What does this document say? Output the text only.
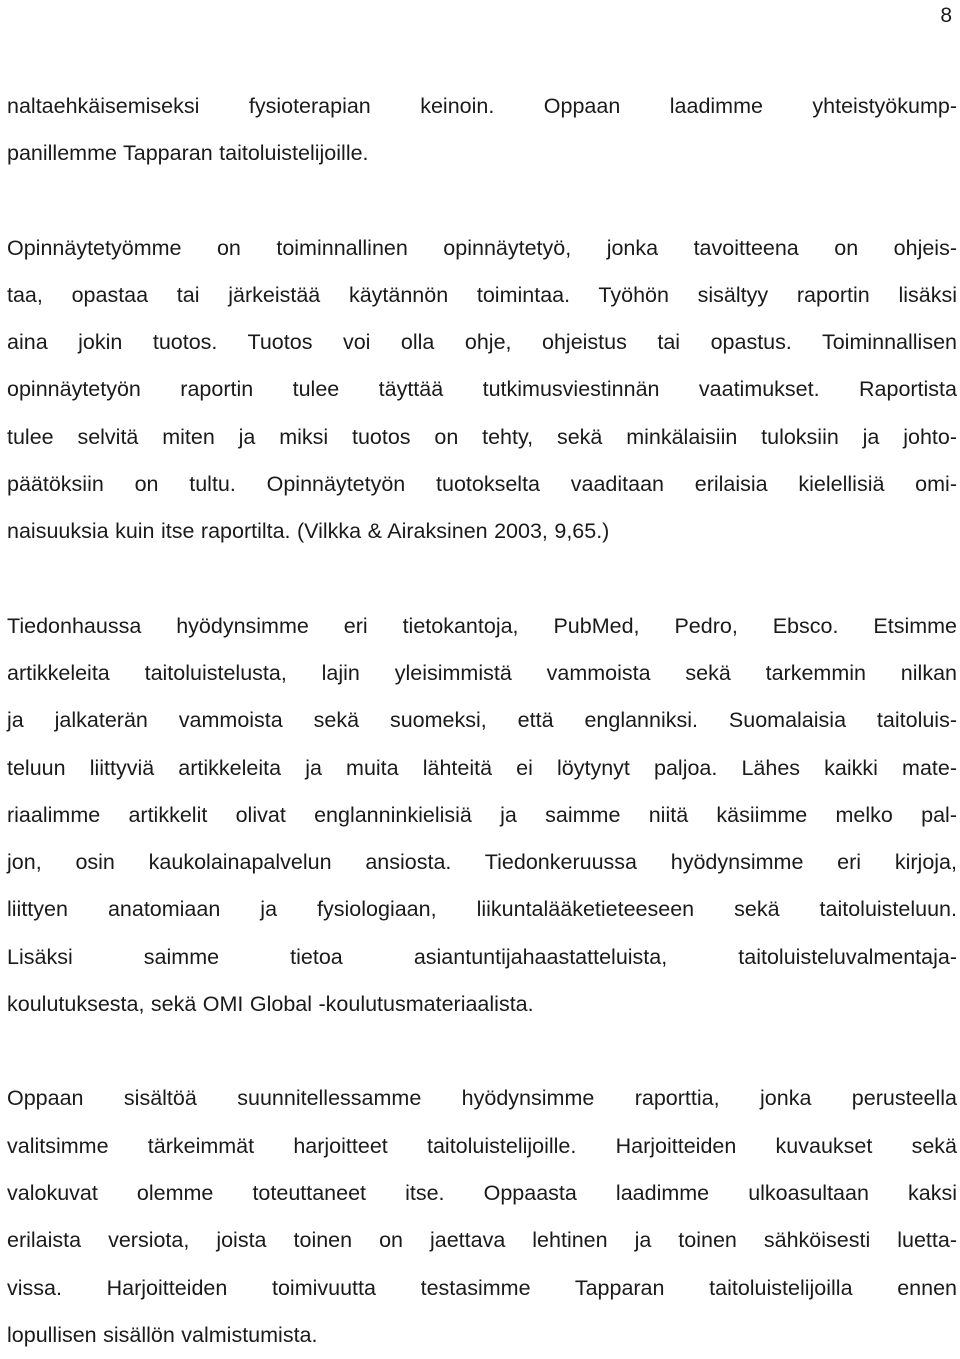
8
naltaehkäisemiseksi fysioterapian keinoin. Oppaan laadimme yhteistyökump-
panillemme Tapparan taitoluistelijoille.
Opinnäytetyömme on toiminnallinen opinnäytetyö, jonka tavoitteena on ohjeis-
taa, opastaa tai järkeistää käytännön toimintaa. Työhön sisältyy raportin lisäksi
aina jokin tuotos. Tuotos voi olla ohje, ohjeistus tai opastus. Toiminnallisen
opinnäytetyön raportin tulee täyttää tutkimusviestinnän vaatimukset. Raportista
tulee selvitä miten ja miksi tuotos on tehty, sekä minkälaisiin tuloksiin ja johto-
päätöksiin on tultu. Opinnäytetyön tuotokselta vaaditaan erilaisia kielellisiä omi-
naisuuksia kuin itse raportilta. (Vilkka & Airaksinen 2003, 9,65.)
Tiedonhaussa hyödynsimme eri tietokantoja, PubMed, Pedro, Ebsco. Etsimme
artikkeleita taitoluistelusta, lajin yleisimmistä vammoista sekä tarkemmin nilkan
ja jalkaterän vammoista sekä suomeksi, että englanniksi. Suomalaisia taitoluis-
teluun liittyviä artikkeleita ja muita lähteitä ei löytynyt paljoa. Lähes kaikki mate-
riaalimme artikkelit olivat englanninkielisiä ja saimme niitä käsiimme melko pal-
jon, osin kaukolainapalvelun ansiosta. Tiedonkeruussa hyödynsimme eri kirjoja,
liittyen anatomiaan ja fysiologiaan, liikuntalääketieteeseen sekä taitoluisteluun.
Lisäksi saimme tietoa asiantuntijahaastatteluista, taitoluisteluvalmentaja-
koulutuksesta, sekä OMI Global -koulutusmateriaalista.
Oppaan sisältöä suunnitellessamme hyödynsimme raporttia, jonka perusteella
valitsimme tärkeimmät harjoitteet taitoluistelijoille. Harjoitteiden kuvaukset sekä
valokuvat olemme toteuttaneet itse. Oppaasta laadimme ulkoasultaan kaksi
erilaista versiota, joista toinen on jaettava lehtinen ja toinen sähköisesti luetta-
vissa. Harjoitteiden toimivuutta testasimme Tapparan taitoluistelijoilla ennen
lopullisen sisällön valmistumista.
